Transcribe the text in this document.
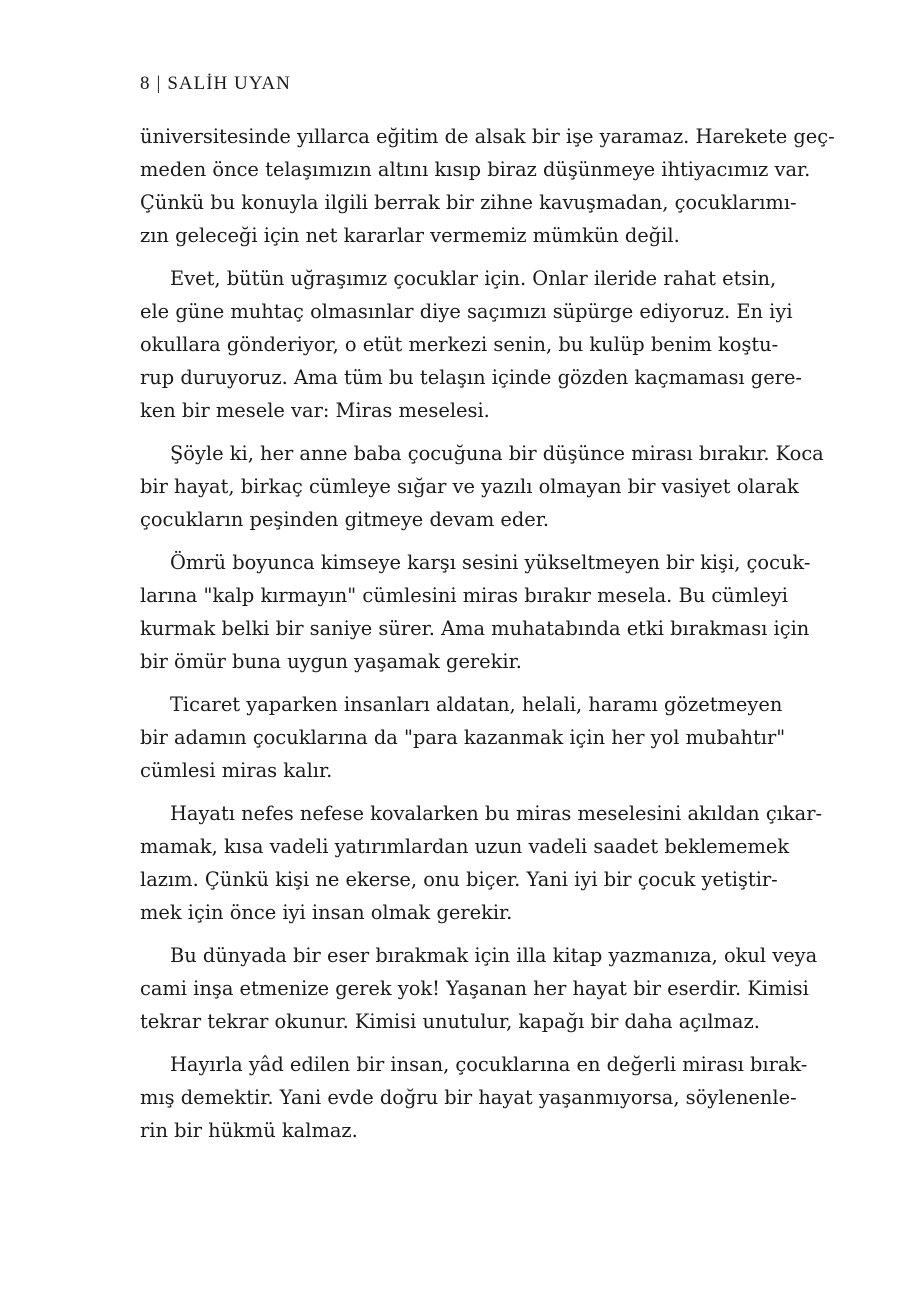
8 | SALİH UYAN

üniversitesinde yıllarca eğitim de alsak bir işe yaramaz. Harekete geç-
meden önce telaşımızın altını kısıp biraz düşünmeye ihtiyacımız var.
Çünkü bu konuyla ilgili berrak bir zihne kavuşmadan, çocuklarımı-
zın geleceği için net kararlar vermemiz mümkün değil.

Evet, bütün uğraşımız çocuklar için. Onlar ileride rahat etsin,
ele güne muhtaç olmasınlar diye saçımızı süpürge ediyoruz. En iyi
okullara gönderiyor, o etüt merkezi senin, bu kulüp benim koştu-
rup duruyoruz. Ama tüm bu telaşın içinde gözden kaçmaması gere-
ken bir mesele var: Miras meselesi.

Şöyle ki, her anne baba çocuğuna bir düşünce mirası bırakır. Koca
bir hayat, birkaç cümleye sığar ve yazılı olmayan bir vasiyet olarak
çocukların peşinden gitmeye devam eder.

Ömrü boyunca kimseye karşı sesini yükseltmeyen bir kişi, çocuk-
larına "kalp kırmayın" cümlesini miras bırakır mesela. Bu cümleyi
kurmak belki bir saniye sürer. Ama muhatabında etki bırakması için
bir ömür buna uygun yaşamak gerekir.

Ticaret yaparken insanları aldatan, helali, haramı gözetmeyen
bir adamın çocuklarına da "para kazanmak için her yol mubahtır"
cümlesi miras kalır.

Hayatı nefes nefese kovalarken bu miras meselesini akıldan çıkar-
mamak, kısa vadeli yatırımlardan uzun vadeli saadet beklememek
lazım. Çünkü kişi ne ekerse, onu biçer. Yani iyi bir çocuk yetiştir-
mek için önce iyi insan olmak gerekir.

Bu dünyada bir eser bırakmak için illa kitap yazmanıza, okul veya
cami inşa etmenize gerek yok! Yaşanan her hayat bir eserdir. Kimisi
tekrar tekrar okunur. Kimisi unutulur, kapağı bir daha açılmaz.

Hayırla yâd edilen bir insan, çocuklarına en değerli mirası bırak-
mış demektir. Yani evde doğru bir hayat yaşanmıyorsa, söylenenle-
rin bir hükmü kalmaz.
